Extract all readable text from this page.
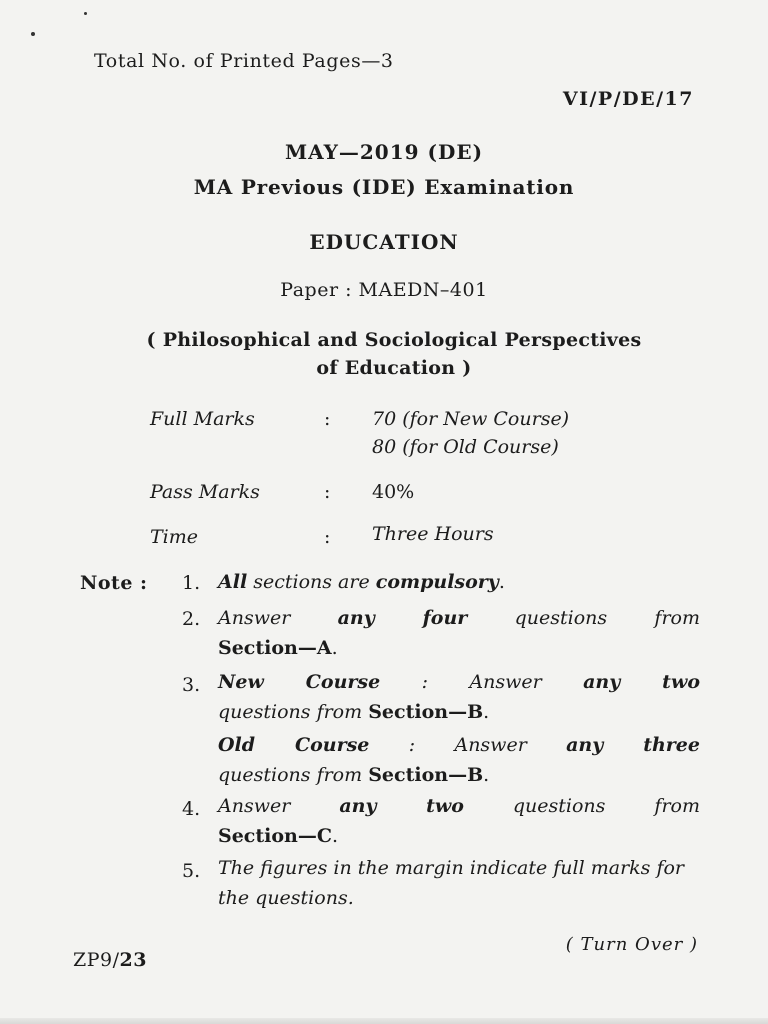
Total No. of Printed Pages—3
VI/P/DE/17
MAY—2019 (DE)
MA Previous (IDE) Examination
EDUCATION
Paper : MAEDN–401
( Philosophical and Sociological Perspectives
of Education )
Full Marks	: 70 (for New Course)
80 (for Old Course)
Pass Marks	: 40%
Time	: Three Hours
Note : 1. All sections are compulsory.
2. Answer any four questions from
Section—A.
3. New Course : Answer any two
questions from Section—B.
Old Course : Answer any three
questions from Section—B.
4. Answer	any two	questions from
Section—C.
5. The figures in the margin indicate full marks for the questions.
ZP9/23
( Turn Over )
